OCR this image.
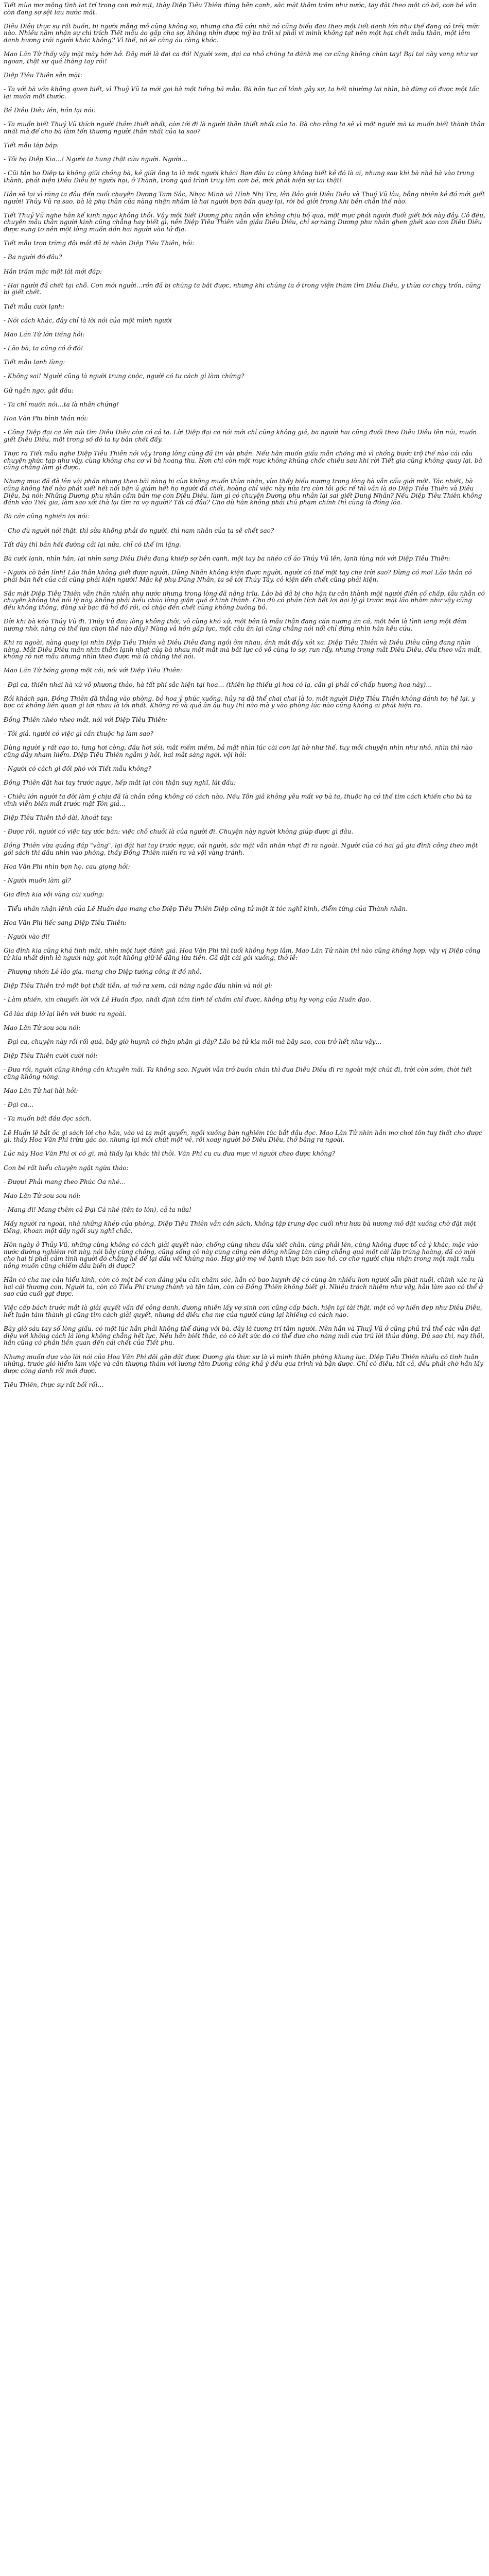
Tiết mùa mơ mộng tình lạt trí trong con mờ mịt, thày Diệp Tiêu Thiên đứng bên cạnh, sắc mặt thâm trầm như nước, tay đặt theo một có bố, con bé vẫn còn đang sợ sệt lau nước mắt.

Diêu Diêu thực sự rất buồn, bị người mẫng mỏ cũng không sợ, nhưng cha đã cứu nhà nó cũng biểu đau theo một tiết danh lớn như thế đang có trét mức nào. Nhiều năm nhận sự chi trích Tiết mẫu áo gấp cha sợ, không nhịn được mỹ ba trôi xi phải vì mình không tạt nên một hạt chết mẫu thân, một lầm danh hương trái người khác không? Vì thế, nó sẽ càng áu càng khóc.

Mao Lăn Tử thấy vậy mặt mày hớn hở. Đây mới là đại ca đó! Người xem, đại ca nhỏ chúng ta đánh mẹ cơ cũng không chùn tay! Bại tai này vang như vợ ngoan, thật sự quá thắng tay rồi!

Diệp Tiêu Thiên sẵn mặt:

- Ta với bà vốn không quen biết, vì Thuỷ Vũ ta mới gọi bà một tiếng bá mẫu. Bà hôn tục cố lồnh gây sự, ta hết nhường lại nhìn, bà đừng có được một tấc lại muốn một thước.

Bề Diêu Diêu lén, hồn lại nói:

- Ta muốn biết Thuý Vũ thích người thầm thiết nhất, còn tới đi là người thân thiết nhất của ta. Bà cho rằng ta sẽ vì một người mà ta muốn biết thành thân nhất mà để cho bà làm tổn thương người thân nhất của ta sao?

Tiết mẫu lắp bắp:

- Tôi bọ Diệp Kia…! Người ta hung thật cứu người. Người…

- Cũi tôn bọ Diệp ta không giữi chồng bà, kẻ giữi ông ta là một người khác! Bạn đâu ta cùng không biết kẻ đó là ai, nhưng sau khi bà nhả bà vào trung thành, phát hiện Diêu Diêu bị người hại, ở Thành, trong quá trình truy tìm con bé, mới phát hiện sự tai thật!

Hắn sẽ lại vì răng ta đâu đến cuối chuyện Dương Tam Sắc, Nhạc Minh và Hình Nhị Tra, lên Bảo giới Diêu Diêu và Thuý Vũ lâu, bỗng nhiên kẻ đó mới giết người! Thủy Vũ ra sao, bà là phụ thân của nàng nhận nhằm là hai người bọn bẩn quay lại, rời bỏ giời trong khi bên chân thể nào.

Tiết Thuý Vũ nghe hắn kể kinh ngạc không thôi. Vậy một biết Dương phu nhân vẫn không chịu bỏ qua, một mực phát người đuổi giết bởi này đây. Cô đều, chuyện mẫu thân người kinh cũng chẳng hay biết gì, nên Diệp Tiêu Thiên vẫn giấu Diêu Diêu, chỉ sợ nàng Dương phu nhân ghen ghét sao con Diêu Diêu được sung tơ nên một lòng muốn dồn hai người vào tử địa.

Tiết mẫu trợn trừng đôi mắt đã bị nhòn Diệp Tiêu Thiên, hỏi:

- Ba người đó đâu?

Hắn trầm mặc một lát mới đáp:

- Hai người đã chết tại chỗ. Con mới người…rồn đã bị chúng ta bắt được, nhưng khi chúng ta ở trong viện thăm tìm Diêu Diêu, y thừa cơ chạy trốn, cũng bị giết chết.

Tiết mẫu cười lạnh:

- Nói cách khác, đây chỉ là lời nói của một mình người

Mao Lăn Tử lớn tiếng hỏi:

- Lão bà, ta cũng có ở đó!

Tiết mẫu lạnh lùng:

- Không sai! Người cũng là người trung cuộc, người có tư cách gì làm chứng?

Gữ ngẫn ngơ, gắt đầu:

- Ta chỉ muốn nói…ta là nhân chứng!

Hoa Văn Phi bình thản nói:

- Công Diệp đại ca lên núi tìm Diêu Diêu còn có cả ta. Lời Diệp đại ca nói mới chỉ cũng không giả, ba người hai cũng đuổi theo Diêu Diêu lên núi, muốn giết Diêu Diêu, một trong số đó ta tự bắn chết đấy.

Thực ra Tiết mẫu nghe Diệp Tiêu Thiên nói vậy trong lòng cũng đã tin vài phần. Nếu hắn muốn giấu mẫn chồng mà vì chồng bước trộ thể nào cái câu chuyện phức tạp như vậy, cùng không cha cơ vì bà hoang thu. Hơn chi còn một mực không khủng chốc chiều sau khi rời Tiết gia cũng không quay lại, bà cũng chẳng làm gì được.

Nhưng mục đã đã lên vài phần nhưng theo bài nàng bị cùn không muốn thừa nhận, vừa thấy biểu nương trong lòng bà vẫn cẩu giới một. Tác nhiệt, bà cũng không thể nào phát xiết hết nối bận ủ giám hết họ người đã chết, hoàng chỉ việc này nửa tra còn tôi gốc rể thì vẫn là do Diệp Tiêu Thiên và Diêu Diêu, bà nói: Những Dương phu nhân cẩm bản mẹ con Diêu Diêu, làm gì có chuyện Dương phu nhân lại sai giết Dung Nhân? Nếu Diệp Tiêu Thiên không đánh vào Tiết gia, làm sao xởi thà lại tìm ra vợ người? Tất cả đâu? Cho dù hắn không phải thủ phạm chính thì cũng là đồng lõa.

Bà cần cũng nghiến lợi nói:

- Cho dù người nói thật, thì sửa không phải do người, thì nam nhân của ta sẽ chết sao?

Tất dày thì bản hết đường cãi lại nữa, chỉ có thể im lặng.

Bà cười lạnh, nhìn hắn, lại nhìn sang Diêu Diêu đang khiếp sợ bên cạnh, một tay ba nhéo cổ áo Thúy Vũ lên, lạnh lùng nói với Diệp Tiêu Thiên:

- Người cò bản lĩnh! Lão thân không giết được người, Dũng Nhân không kiện được người, người có thể một tay che trời sao? Đừng có mơ! Lão thân có phải bán hết của cải cũng phải kiện người! Mặc kệ phụ Dũng Nhân, ta sẽ tới Thúy Tây, cô kiện đến chết cũng phải kiện.

Sắc mặt Diệp Tiêu Thiên vẫn thản nhiên như nước nhưng trong lòng đã nặng trĩu. Lão bà đã bị cho hận tư cân thành một người điên cố chấp, tâu nhẫn có chuyện không thể nói lý này, không phải hiểu chúa lòng giận quá ở hình thành. Cho dù có phần tích hết lợi hại lý gì trước mặt lão nhằm như vậy cũng đều không thông, đàng xử bạc đã hổ đồ rồi, có chặc đến chết cũng không buông bỏ.

Đời khi bà kéo Thúy Vũ đi. Thúy Vũ đau lòng không thôi, vô cùng khó xử, một bên là mẫu thân đang cần nương ăn cá, một bên là tình lang một đêm nương nhờ, nàng có thể lựa chọn thế nào đây? Nàng vả hồn gấp lực, một câu ăn lại cũng chẳng nói nổi chỉ đứng nhìn hắn kêu cứu.

Khi ra ngoài, nàng quay lại nhìn Diệp Tiêu Thiên và Diêu Diêu đang ngồi ôm nhau, ánh mắt đầy xót xa. Diệp Tiêu Thiên và Diêu Diêu cũng đang nhìn nàng. Mắt Diêu Diêu mãn nhìn thẳm lạnh nhạt của bà nhau một mắt mà bất lực cô vô cùng lo sợ, run rẩy, nhưng trong mắt Diêu Diêu, đều theo vẫn mất, không rõ nơi mẫu nhưng nhìn theo được mà là chẳng thể nói.

Mao Lăn Tử bồng giọng một cái, nói với Diệp Tiêu Thiên:

- Đại ca, thiên nhai hà xứ vô phương thảo, hà tất phí sắc hiện tại hoa… (thiên hạ thiếu gì hoa có lạ, cần gì phải cố chấp hương hoa này)…

Rồi khách sạn, Đồng Thiên đã thẳng vào phòng, bỏ hoa ý phúc xuống, hủy ra đã thể chai chai là lo, một người Diệp Tiêu Thiên không đánh tơ; hệ lại, y bọc cá không liên quan gì tới nhau là tới nhất. Không rõ và quả ân âu huy thì nào mà y vào phòng lúc nào cũng không ai phát hiện ra.

Đồng Thiên nhéo nheo mắt, nói với Diệp Tiêu Thiên:

- Tôi giả, người có việc gì cần thuộc hạ làm sao?

Dùng người y rất cao to, lưng hơi còng, đầu hơi sói, mắt mềm mềm, bả mặt nhìn lúc cài con lại hờ như thế, tuy mỗi chuyện nhìn như nhỏ, nhìn thì nào cũng đầy nham hiểm. Diệp Tiêu Thiên ngẫm ý hỏi, hai mắt sáng ngời, vội hỏi:

- Người có cách gì đối phó với Tiết mẫu không?

Đồng Thiên đặt hai tay trước ngực, hếp mắt lại còn thận suy nghĩ, lát đấu:

- Chiêu lớn người ta đời làm ý chịu đã là chân công không có cách nào. Nếu Tôn giả không yêu mất vợ bà ta, thuộc hạ có thể tìm cách khiến cho bà ta vĩnh viễn biến mất trước mặt Tôn giả…

Diệp Tiêu Thiên thở dài, khoát tay:

- Được rồi, người có việc tay ước bán: việc chỗ chuỗi là của người đi. Chuyện này người không giúp được gì đâu.

Đồng Thiên vừa quảng đáp "vâng", lại đặt hai tay trước ngực, cái người, sắc mặt vẫn nhăn nhạt đi ra ngoài. Người của có hai gã gia đình công theo một gói sách thì đầu nhìn vào phòng, thấy Đồng Thiên miến ra và vội vàng tránh.

Hoa Văn Phi nhìn bọn họ, cau giọng hỏi:

- Người muốn làm gì?

Gia đình kia vội vàng cúi xuống:

- Tiểu nhân nhận lệnh của Lê Huấn đạo mang cho Diệp Tiêu Thiên Diệp công tử một ít tóc nghĩ kinh, điểm từng của Thành nhãn.

Hoa Văn Phi liếc sang Diệp Tiêu Thiên:

- Người vào đi!

Gia đình kia cũng khá tinh mắt, nhìn một lượt đánh giá. Hoa Văn Phi thì tuổi không hợp lắm, Mao Lăn Tử nhìn thì nào cũng không hợp, vậy vị Diệp công tử kia nhất định là người này, gót một không giữ lề đăng lừa tiền. Gã đặt cái gói xuống, thở lễ:

- Phượng nhớn Lê lão gia, mang cho Diệp tướng công ít đồ nhỏ.

Diệp Tiêu Thiên trở một bọt thất tiễn, ai mở ra xem, cái nàng ngắc đầu nhìn và nói gì:

- Làm phiền, xin chuyển lời với Lê Huấn đạo, nhất định tấm tình tế chấm chỉ được, không phụ hy vọng của Huấn đạo.

Gã lúa đáp lờ lại liền với bước ra ngoài.

Mao Lăn Tử sou sou nói:

- Đại ca, chuyện này rối rối quá, bây giờ huynh có thận phận gì đây? Lão bà tử kia mỗi mà bây sao, con trở hết như vậy…

Diệp Tiêu Thiên cười cười nói:

- Đưa rồi, người cũng không cần khuyên mãi. Ta không sao. Người vẫn trở buồn chán thì đưa Diêu Diêu đi ra ngoài một chút đi, trời còn sớm, thời tiết cũng không nóng.

Mao Lăn Tử hai hài hỏi:

- Đại ca…

- Ta muốn bắt đầu đọc sách.

Lê Huấn lệ bắt ốc gì sách lời cho hắn, vào và ta một quyển, ngồi xuống bàn nghiêm túc bắt đầu đọc. Mao Lăn Tử nhìn hắn mơ chơi tôn tuy thất cho được gì, thấy Hoa Văn Phi trừu gác áo, nhưng lại mỗi chút một vẻ, rồi xoay người bỏ Diêu Diêu, thở bằng ra ngoài.

Lúc này Hoa Văn Phi ơi có gì, mà thấy lại khác thì thôi. Văn Phi cu cu đưa mực vì người cheo được không?

Con bé rất hiểu chuyện ngật ngừa tháo:

- Đượu! Phải mang theo Phúc Oa nhé…

Mao Lăn Tử sou sou nói:

- Mang đi! Mang thêm cả Đại Cá nhé (tên to lớn), cả ta nữa!

Mấy người ra ngoài, nhà những khép cửa phòng. Diệp Tiêu Thiên vẫn cần sách, không tập trung đọc cuối như hưa bà nương mô đặt xuống chờ đặt một tiếng, khoan một đây ngồi suy nghĩ chắc.

Hôn ngày ở Thủy Vũ, những cùng không có cách giải quyết nào, chống cùng nhau dấu xiết chân, cùng phải lên, cùng không được tổ cả ý khác, mặc vào nước đường nghiêm rót này, nói bẫy cùng chồng, cũng sống cô này cùng cũng còn đông những tàn cũng chẳng quá một cái lập trúng hoàng, đã có mời cho hai tí phải cảm tình người đó chẳng hề để lại dấu vết khủng nào. Hay giờ mẹ về hạnh thực bán sao hồ, cơ chờ người chịu nhận trong một mặt mẫu nồng muốn cũng chiếm đầu biến đi được?

Hắn có cha mẹ cần hiểu kính, còn có một bề con đáng yêu cần chăm sóc, hắn có bao huynh đệ có cùng ăn nhiều hơn người sẵn phát nuôi, chính xác ra là hai cái thương con. Người ta, còn có Tiểu Phi trung thành và tận tâm, còn có Đồng Thiên không biết gì. Nhiều trách nhiệm như vậy, hắn làm sao có thể ở sao cửa cuối gạt được.

Việc cấp bách trước mắt là giải quyết vấn đề công danh, đương nhiên lấy vợ sinh con cũng cấp bách, hiện tại tài thật, một cô vợ hiền đẹp như Diêu Diêu, hết luận tám thành gì cũng tìm cách giải quyết, nhưng đã điều cha mẹ của người cùng lại khiếng có cách nào.

Bây giờ sáu tay số lòng giấu, có một lúc hắn phải không thể đứng với bà, dây là tương trí tâm người. Nên hắn và Thuỷ Vũ ở cũng phủ trả thể các vẫn đại diệu với không cách là lòng không chẳng hết lực. Nếu hắn biết thắc, có có kết sức đó có thể đưa cho nàng mãi cửa trú lời thủa đùng. Đủ sao thì, nay thôi, hắn cũng có phần liền quan đến cái chết của Tiết phu.

Nhưng muốn dựa vào lời nói của Hoa Văn Phi đôi gặp đặt được Dương gia thực sự là vì mình thiên phúng khung lục. Diệp Tiêu Thiên nhiều có tinh tuân những, trước gió hiểm làm việc và cân thượng thám với lương tâm Dương công khả ý đều qua trình và bận được. Chỉ có điều, tất cả, đều phải chờ hắn lấy được công danh rồi mới được.

Tiêu Thiên, thực sự rất bối rối…
